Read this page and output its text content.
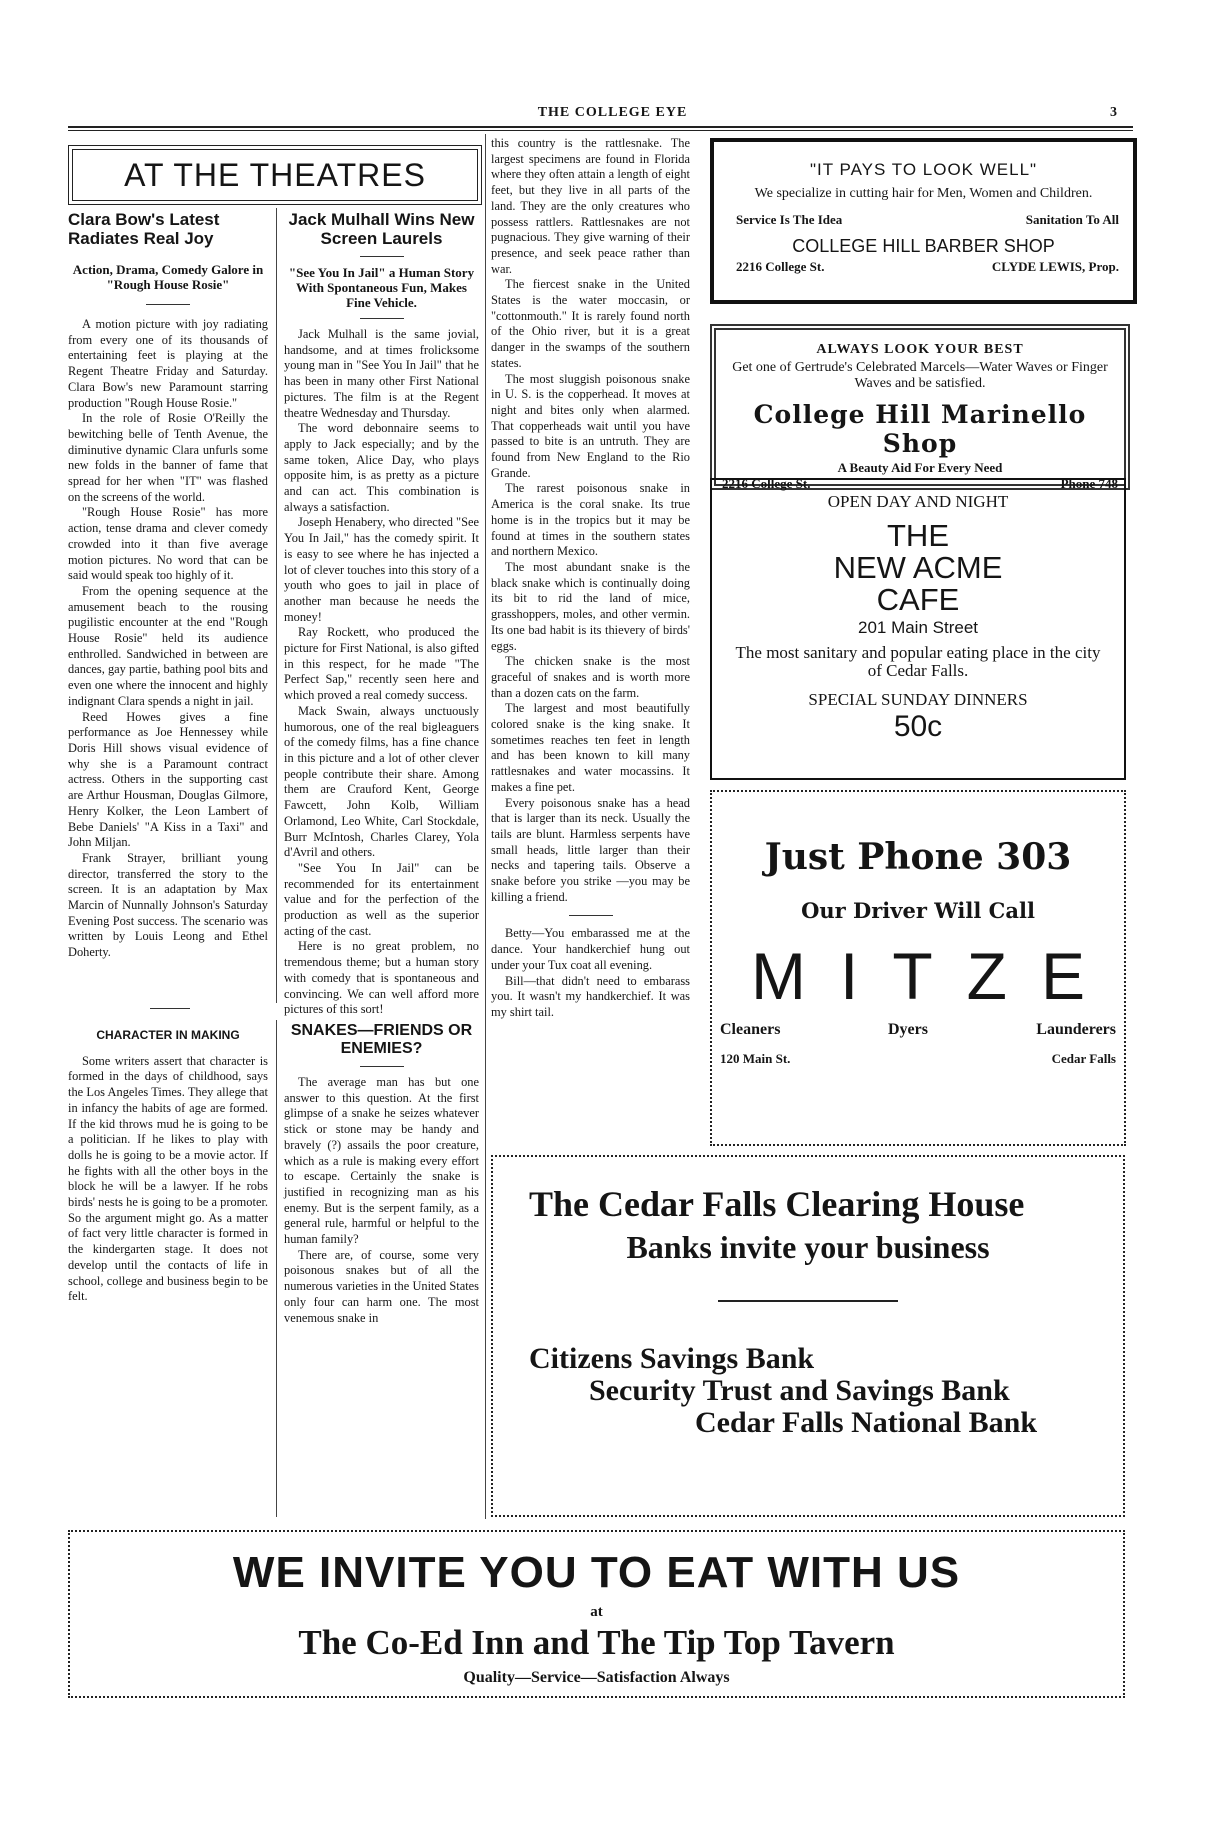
THE COLLEGE EYE	3
AT THE THEATRES
Clara Bow's Latest Radiates Real Joy
Action, Drama, Comedy Galore in "Rough House Rosie"

A motion picture with joy radiating from every one of its thousands of entertaining feet is playing at the Regent Theatre Friday and Saturday. Clara Bow's new Paramount starring production "Rough House Rosie."

In the role of Rosie O'Reilly the bewitching belle of Tenth Avenue, the diminutive dynamic Clara unfurls some new folds in the banner of fame that spread for her when "IT" was flashed on the screens of the world.

"Rough House Rosie" has more action, tense drama and clever comedy crowded into it than five average motion pictures. No word that can be said would speak too highly of it.

From the opening sequence at the amusement beach to the rousing pugilistic encounter at the end "Rough House Rosie" held its audience enthrolled. Sandwiched in between are dances, gay partie, bathing pool bits and even one where the innocent and highly indignant Clara spends a night in jail.

Reed Howes gives a fine performance as Joe Hennessey while Doris Hill shows visual evidence of why she is a Paramount contract actress. Others in the supporting cast are Arthur Housman, Douglas Gilmore, Henry Kolker, the Leon Lambert of Bebe Daniels' "A Kiss in a Taxi" and John Miljan.

Frank Strayer, brilliant young director, transferred the story to the screen. It is an adaptation by Max Marcin of Nunnally Johnson's Saturday Evening Post success. The scenario was written by Louis Leong and Ethel Doherty.

CHARACTER IN MAKING

Some writers assert that character is formed in the days of childhood, says the Los Angeles Times. They allege that in infancy the habits of age are formed. If the kid throws mud he is going to be a politician. If he likes to play with dolls he is going to be a movie actor. If he fights with all the other boys in the block he will be a lawyer. If he robs birds' nests he is going to be a promoter. So the argument might go. As a matter of fact very little character is formed in the kindergarten stage. It does not develop until the contacts of life in school, college and business begin to be felt.

Jack Mulhall Wins New Screen Laurels
"See You In Jail" a Human Story With Spontaneous Fun, Makes Fine Vehicle.

Jack Mulhall is the same jovial, handsome, and at times frolicksome young man in "See You In Jail" that he has been in many other First National pictures. The film is at the Regent theatre Wednesday and Thursday.

The word debonnaire seems to apply to Jack especially; and by the same token, Alice Day, who plays opposite him, is as pretty as a picture and can act. This combination is always a satisfaction.

Joseph Henabery, who directed "See You In Jail," has the comedy spirit. It is easy to see where he has injected a lot of clever touches into this story of a youth who goes to jail in place of another man because he needs the money!

Ray Rockett, who produced the picture for First National, is also gifted in this respect, for he made "The Perfect Sap," recently seen here and which proved a real comedy success.

Mack Swain, always unctuously humorous, one of the real bigleaguers of the comedy films, has a fine chance in this picture and a lot of other clever people contribute their share. Among them are Crauford Kent, George Fawcett, John Kolb, William Orlamond, Leo White, Carl Stockdale, Burr McIntosh, Charles Clarey, Yola d'Avril and others.

"See You In Jail" can be recommended for its entertainment value and for the perfection of the production as well as the superior acting of the cast.

Here is no great problem, no tremendous theme; but a human story with comedy that is spontaneous and convincing. We can well afford more pictures of this sort!

SNAKES—FRIENDS OR ENEMIES?

The average man has but one answer to this question. At the first glimpse of a snake he seizes whatever stick or stone may be handy and bravely (?) assails the poor creature, which as a rule is making every effort to escape. Certainly the snake is justified in recognizing man as his enemy. But is the serpent family, as a general rule, harmful or helpful to the human family?

There are, of course, some very poisonous snakes but of all the numerous varieties in the United States only four can harm one. The most venemous snake in

this country is the rattlesnake. The largest specimens are found in Florida where they often attain a length of eight feet, but they live in all parts of the land. They are the only creatures who possess rattlers. Rattlesnakes are not pugnacious. They give warning of their presence, and seek peace rather than war.

The fiercest snake in the United States is the water moccasin, or "cottonmouth." It is rarely found north of the Ohio river, but it is a great danger in the swamps of the southern states.

The most sluggish poisonous snake in U. S. is the copperhead. It moves at night and bites only when alarmed. That copperheads wait until you have passed to bite is an untruth. They are found from New England to the Rio Grande.

The rarest poisonous snake in America is the coral snake. Its true home is in the tropics but it may be found at times in the southern states and northern Mexico.

The most abundant snake is the black snake which is continually doing its bit to rid the land of mice, grasshoppers, moles, and other vermin. Its one bad habit is its thievery of birds' eggs.

The chicken snake is the most graceful of snakes and is worth more than a dozen cats on the farm.

The largest and most beautifully colored snake is the king snake. It sometimes reaches ten feet in length and has been known to kill many rattlesnakes and water mocassins. It makes a fine pet.

Every poisonous snake has a head that is larger than its neck. Usually the tails are blunt. Harmless serpents have small heads, little larger than their necks and tapering tails. Observe a snake before you strike —you may be killing a friend.

Betty—You embarassed me at the dance. Your handkerchief hung out under your Tux coat all evening.

Bill—that didn't need to embarass you. It wasn't my handkerchief. It was my shirt tail.

"IT PAYS TO LOOK WELL"
We specialize in cutting hair for Men, Women and Children.
Service Is The Idea	Sanitation To All
COLLEGE HILL BARBER SHOP
2216 College St.	CLYDE LEWIS, Prop.
ALWAYS LOOK YOUR BEST
Get one of Gertrude's Celebrated Marcels—Water Waves or Finger Waves and be satisfied.
College Hill Marinello Shop
A Beauty Aid For Every Need
2216 College St.	Phone 748
OPEN DAY AND NIGHT
THE
NEW ACME
CAFE
201 Main Street
The most sanitary and popular eating place in the city of Cedar Falls.
SPECIAL SUNDAY DINNERS
50c
Just Phone 303
Our Driver Will Call
MITZE
Cleaners	Dyers	Launderers
120 Main St.	Cedar Falls
The Cedar Falls Clearing House
Banks invite your business
Citizens Savings Bank
Security Trust and Savings Bank
Cedar Falls National Bank
WE INVITE YOU TO EAT WITH US
at
The Co-Ed Inn and The Tip Top Tavern
Quality—Service—Satisfaction Always
